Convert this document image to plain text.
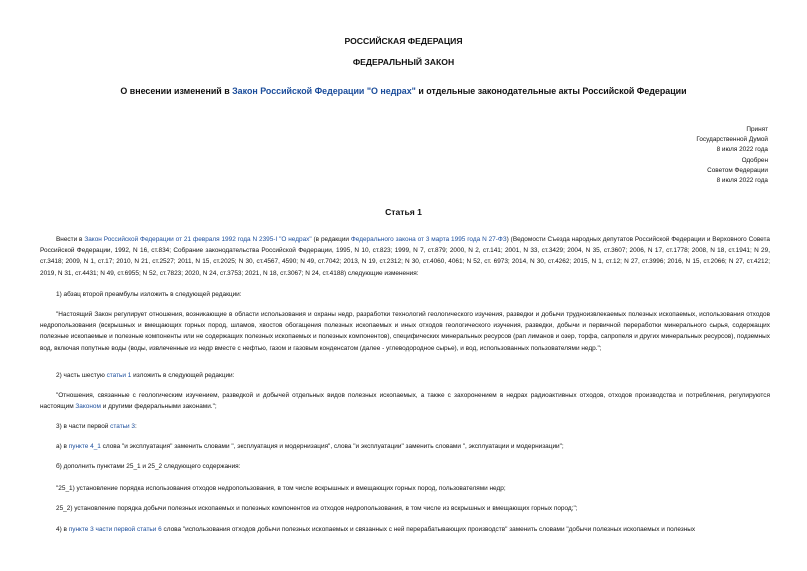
РОССИЙСКАЯ ФЕДЕРАЦИЯ
ФЕДЕРАЛЬНЫЙ ЗАКОН
О внесении изменений в Закон Российской Федерации "О недрах" и отдельные законодательные акты Российской Федерации
Принят
Государственной Думой
8 июля 2022 года
Одобрен
Советом Федерации
8 июля 2022 года
Статья 1
Внести в Закон Российской Федерации от 21 февраля 1992 года N 2395-I "О недрах" (в редакции Федерального закона от 3 марта 1995 года N 27-ФЗ) (Ведомости Съезда народных депутатов Российской Федерации и Верховного Совета Российской Федерации, 1992, N 16, ст.834; Собрание законодательства Российской Федерации, 1995, N 10, ст.823; 1999, N 7, ст.879; 2000, N 2, ст.141; 2001, N 33, ст.3429; 2004, N 35, ст.3607; 2006, N 17, ст.1778; 2008, N 18, ст.1941; N 29, ст.3418; 2009, N 1, ст.17; 2010, N 21, ст.2527; 2011, N 15, ст.2025; N 30, ст.4567, 4590; N 49, ст.7042; 2013, N 19, ст.2312; N 30, ст.4060, 4061; N 52, ст. 6973; 2014, N 30, ст.4262; 2015, N 1, ст.12; N 27, ст.3996; 2016, N 15, ст.2066; N 27, ст.4212; 2019, N 31, ст.4431; N 49, ст.6955; N 52, ст.7823; 2020, N 24, ст.3753; 2021, N 18, ст.3067; N 24, ст.4188) следующие изменения:
1) абзац второй преамбулы изложить в следующей редакции:
"Настоящий Закон регулирует отношения, возникающие в области использования и охраны недр, разработки технологий геологического изучения, разведки и добычи трудноизвлекаемых полезных ископаемых, использования отходов недропользования (вскрышных и вмещающих горных пород, шламов, хвостов обогащения полезных ископаемых и иных отходов геологического изучения, разведки, добычи и первичной переработки минерального сырья, содержащих полезные ископаемые и полезные компоненты или не содержащих полезных ископаемых и полезных компонентов), специфических минеральных ресурсов (рап лиманов и озер, торфа, сапропеля и других минеральных ресурсов), подземных вод, включая попутные воды (воды, извлеченные из недр вместе с нефтью, газом и газовым конденсатом (далее - углеводородное сырье), и вод, использованных пользователями недр.";
2) часть шестую статьи 1 изложить в следующей редакции:
"Отношения, связанные с геологическим изучением, разведкой и добычей отдельных видов полезных ископаемых, а также с захоронением в недрах радиоактивных отходов, отходов производства и потребления, регулируются настоящим Законом и другими федеральными законами.";
3) в части первой статьи 3:
а) в пункте 4_1 слова "и эксплуатация" заменить словами ", эксплуатация и модернизация", слова "и эксплуатации" заменить словами ", эксплуатации и модернизации";
б) дополнить пунктами 25_1 и 25_2 следующего содержания:
"25_1) установление порядка использования отходов недропользования, в том числе вскрышных и вмещающих горных пород, пользователями недр;
25_2) установление порядка добычи полезных ископаемых и полезных компонентов из отходов недропользования, в том числе из вскрышных и вмещающих горных пород;";
4) в пункте 3 части первой статьи 6 слова "использования отходов добычи полезных ископаемых и связанных с ней перерабатывающих производств" заменить словами "добычи полезных ископаемых и полезных
